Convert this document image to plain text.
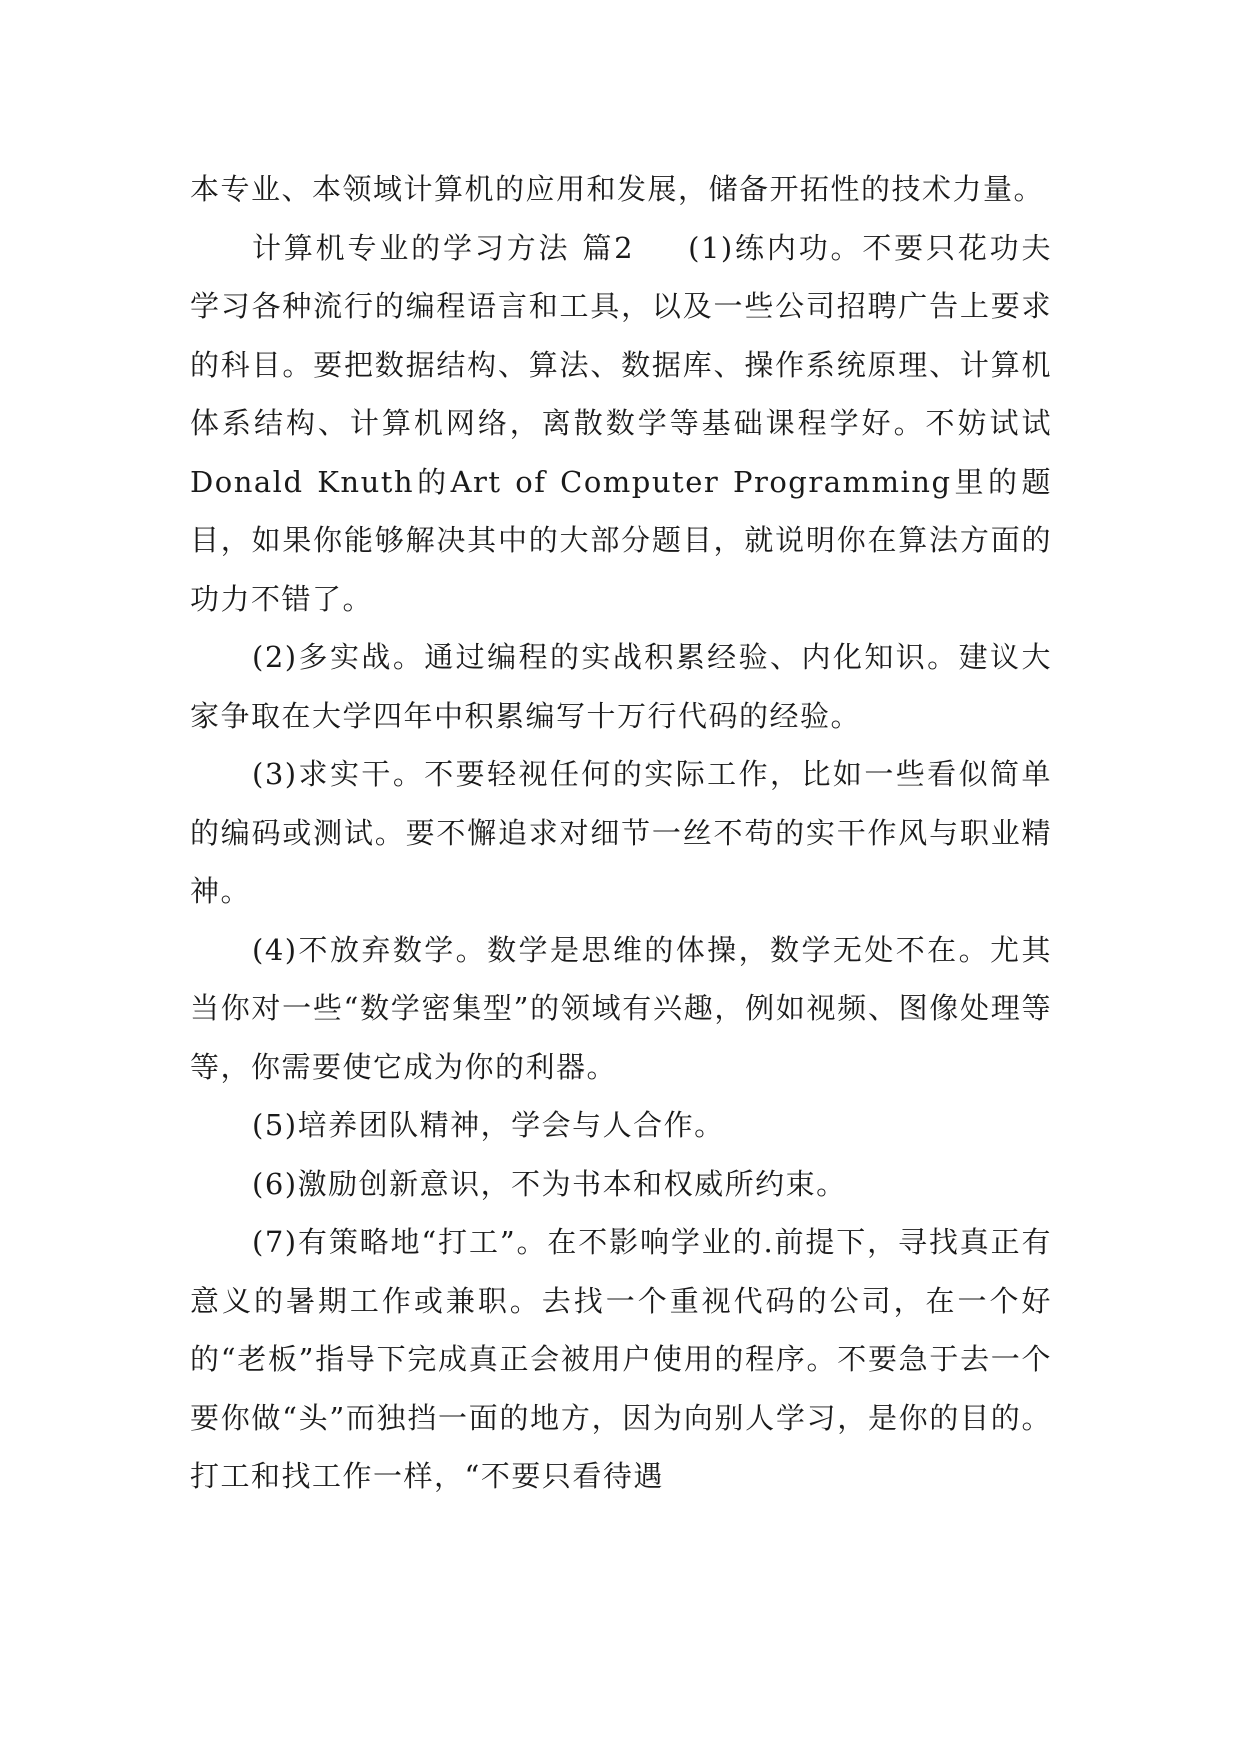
本专业、本领域计算机的应用和发展，储备开拓性的技术力量。

计算机专业的学习方法 篇2 (1)练内功。不要只花功夫学习各种流行的编程语言和工具，以及一些公司招聘广告上要求的科目。要把数据结构、算法、数据库、操作系统原理、计算机体系结构、计算机网络，离散数学等基础课程学好。不妨试试Donald Knuth的Art of Computer Programming里的题目，如果你能够解决其中的大部分题目，就说明你在算法方面的功力不错了。

(2)多实战。通过编程的实战积累经验、内化知识。建议大家争取在大学四年中积累编写十万行代码的经验。

(3)求实干。不要轻视任何的实际工作，比如一些看似简单的编码或测试。要不懈追求对细节一丝不苟的实干作风与职业精神。

(4)不放弃数学。数学是思维的体操，数学无处不在。尤其当你对一些“数学密集型”的领域有兴趣，例如视频、图像处理等等，你需要使它成为你的利器。

(5)培养团队精神，学会与人合作。

(6)激励创新意识，不为书本和权威所约束。

(7)有策略地“打工”。在不影响学业的.前提下，寻找真正有意义的暑期工作或兼职。去找一个重视代码的公司，在一个好的“老板”指导下完成真正会被用户使用的程序。不要急于去一个要你做“头”而独挡一面的地方，因为向别人学习，是你的目的。打工和找工作一样，“不要只看待遇
